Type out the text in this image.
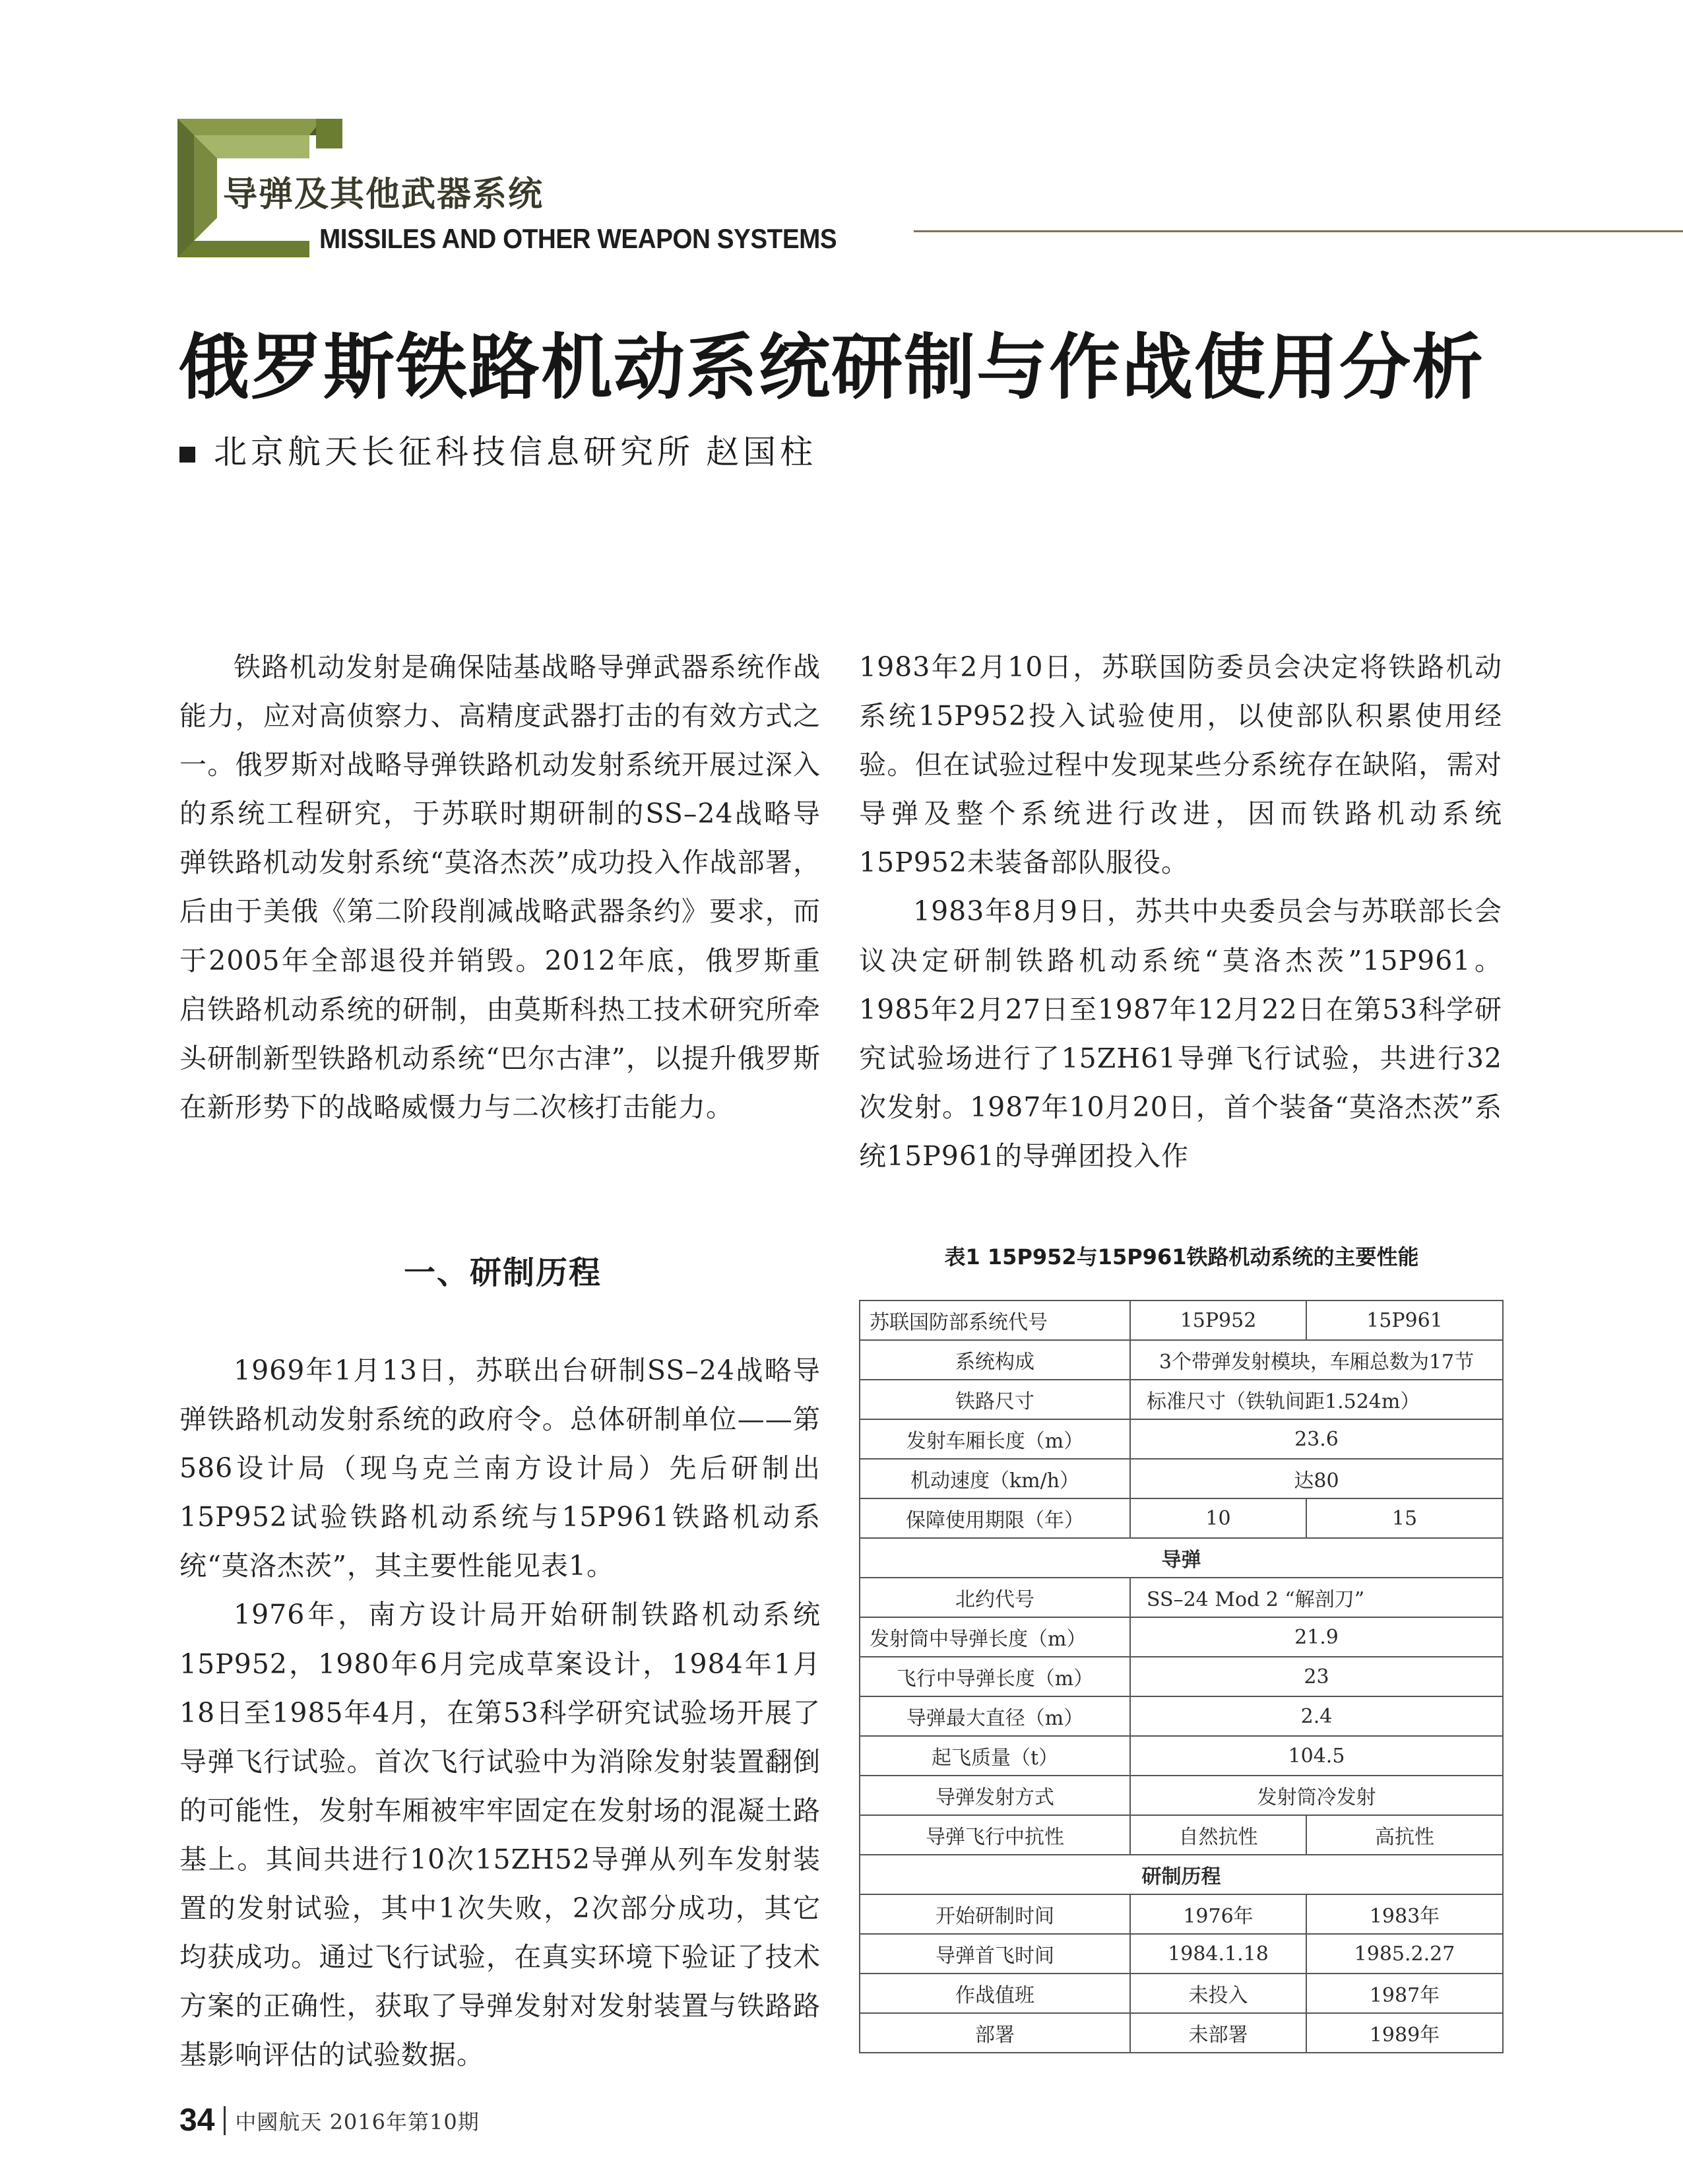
导弹及其他武器系统
MISSILES AND OTHER WEAPON SYSTEMS
俄罗斯铁路机动系统研制与作战使用分析
北京航天长征科技信息研究所 赵国柱

铁路机动发射是确保陆基战略导弹武器系统作战能力，应对高侦察力、高精度武器打击的有效方式之一。俄罗斯对战略导弹铁路机动发射系统开展过深入的系统工程研究，于苏联时期研制的SS–24战略导弹铁路机动发射系统“莫洛杰茨”成功投入作战部署，后由于美俄《第二阶段削减战略武器条约》要求，而于2005年全部退役并销毁。2012年底，俄罗斯重启铁路机动系统的研制，由莫斯科热工技术研究所牵头研制新型铁路机动系统“巴尔古津”，以提升俄罗斯在新形势下的战略威慑力与二次核打击能力。

一、研制历程

1969年1月13日，苏联出台研制SS–24战略导弹铁路机动发射系统的政府令。总体研制单位——第586设计局（现乌克兰南方设计局）先后研制出15P952试验铁路机动系统与15P961铁路机动系统“莫洛杰茨”，其主要性能见表1。

1976年，南方设计局开始研制铁路机动系统15P952，1980年6月完成草案设计，1984年1月18日至1985年4月，在第53科学研究试验场开展了导弹飞行试验。首次飞行试验中为消除发射装置翻倒的可能性，发射车厢被牢牢固定在发射场的混凝土路基上。其间共进行10次15ZH52导弹从列车发射装置的发射试验，其中1次失败，2次部分成功，其它均获成功。通过飞行试验，在真实环境下验证了技术方案的正确性，获取了导弹发射对发射装置与铁路路基影响评估的试验数据。

1983年2月10日，苏联国防委员会决定将铁路机动系统15P952投入试验使用，以使部队积累使用经验。但在试验过程中发现某些分系统存在缺陷，需对导弹及整个系统进行改进，因而铁路机动系统15P952未装备部队服役。

1983年8月9日，苏共中央委员会与苏联部长会议决定研制铁路机动系统“莫洛杰茨”15P961。1985年2月27日至1987年12月22日在第53科学研究试验场进行了15ZH61导弹飞行试验，共进行32次发射。1987年10月20日，首个装备“莫洛杰茨”系统15P961的导弹团投入作

表1 15P952与15P961铁路机动系统的主要性能
苏联国防部系统代号	15P952	15P961
系统构成	3个带弹发射模块，车厢总数为17节	
铁路尺寸	标准尺寸（铁轨间距1.524m）	
发射车厢长度（m）	23.6	
机动速度（km/h）	达80	
保障使用期限（年）	10	15
导弹		
北约代号	SS–24 Mod 2 “解剖刀”	
发射筒中导弹长度（m）	21.9	
飞行中导弹长度（m）	23	
导弹最大直径（m）	2.4	
起飞质量（t）	104.5	
导弹发射方式	发射筒冷发射	
导弹飞行中抗性	自然抗性	高抗性
研制历程		
开始研制时间	1976年	1983年
导弹首飞时间	1984.1.18	1985.2.27
作战值班	未投入	1987年
部署	未部署	1989年
34 中國航天 2016年第10期
